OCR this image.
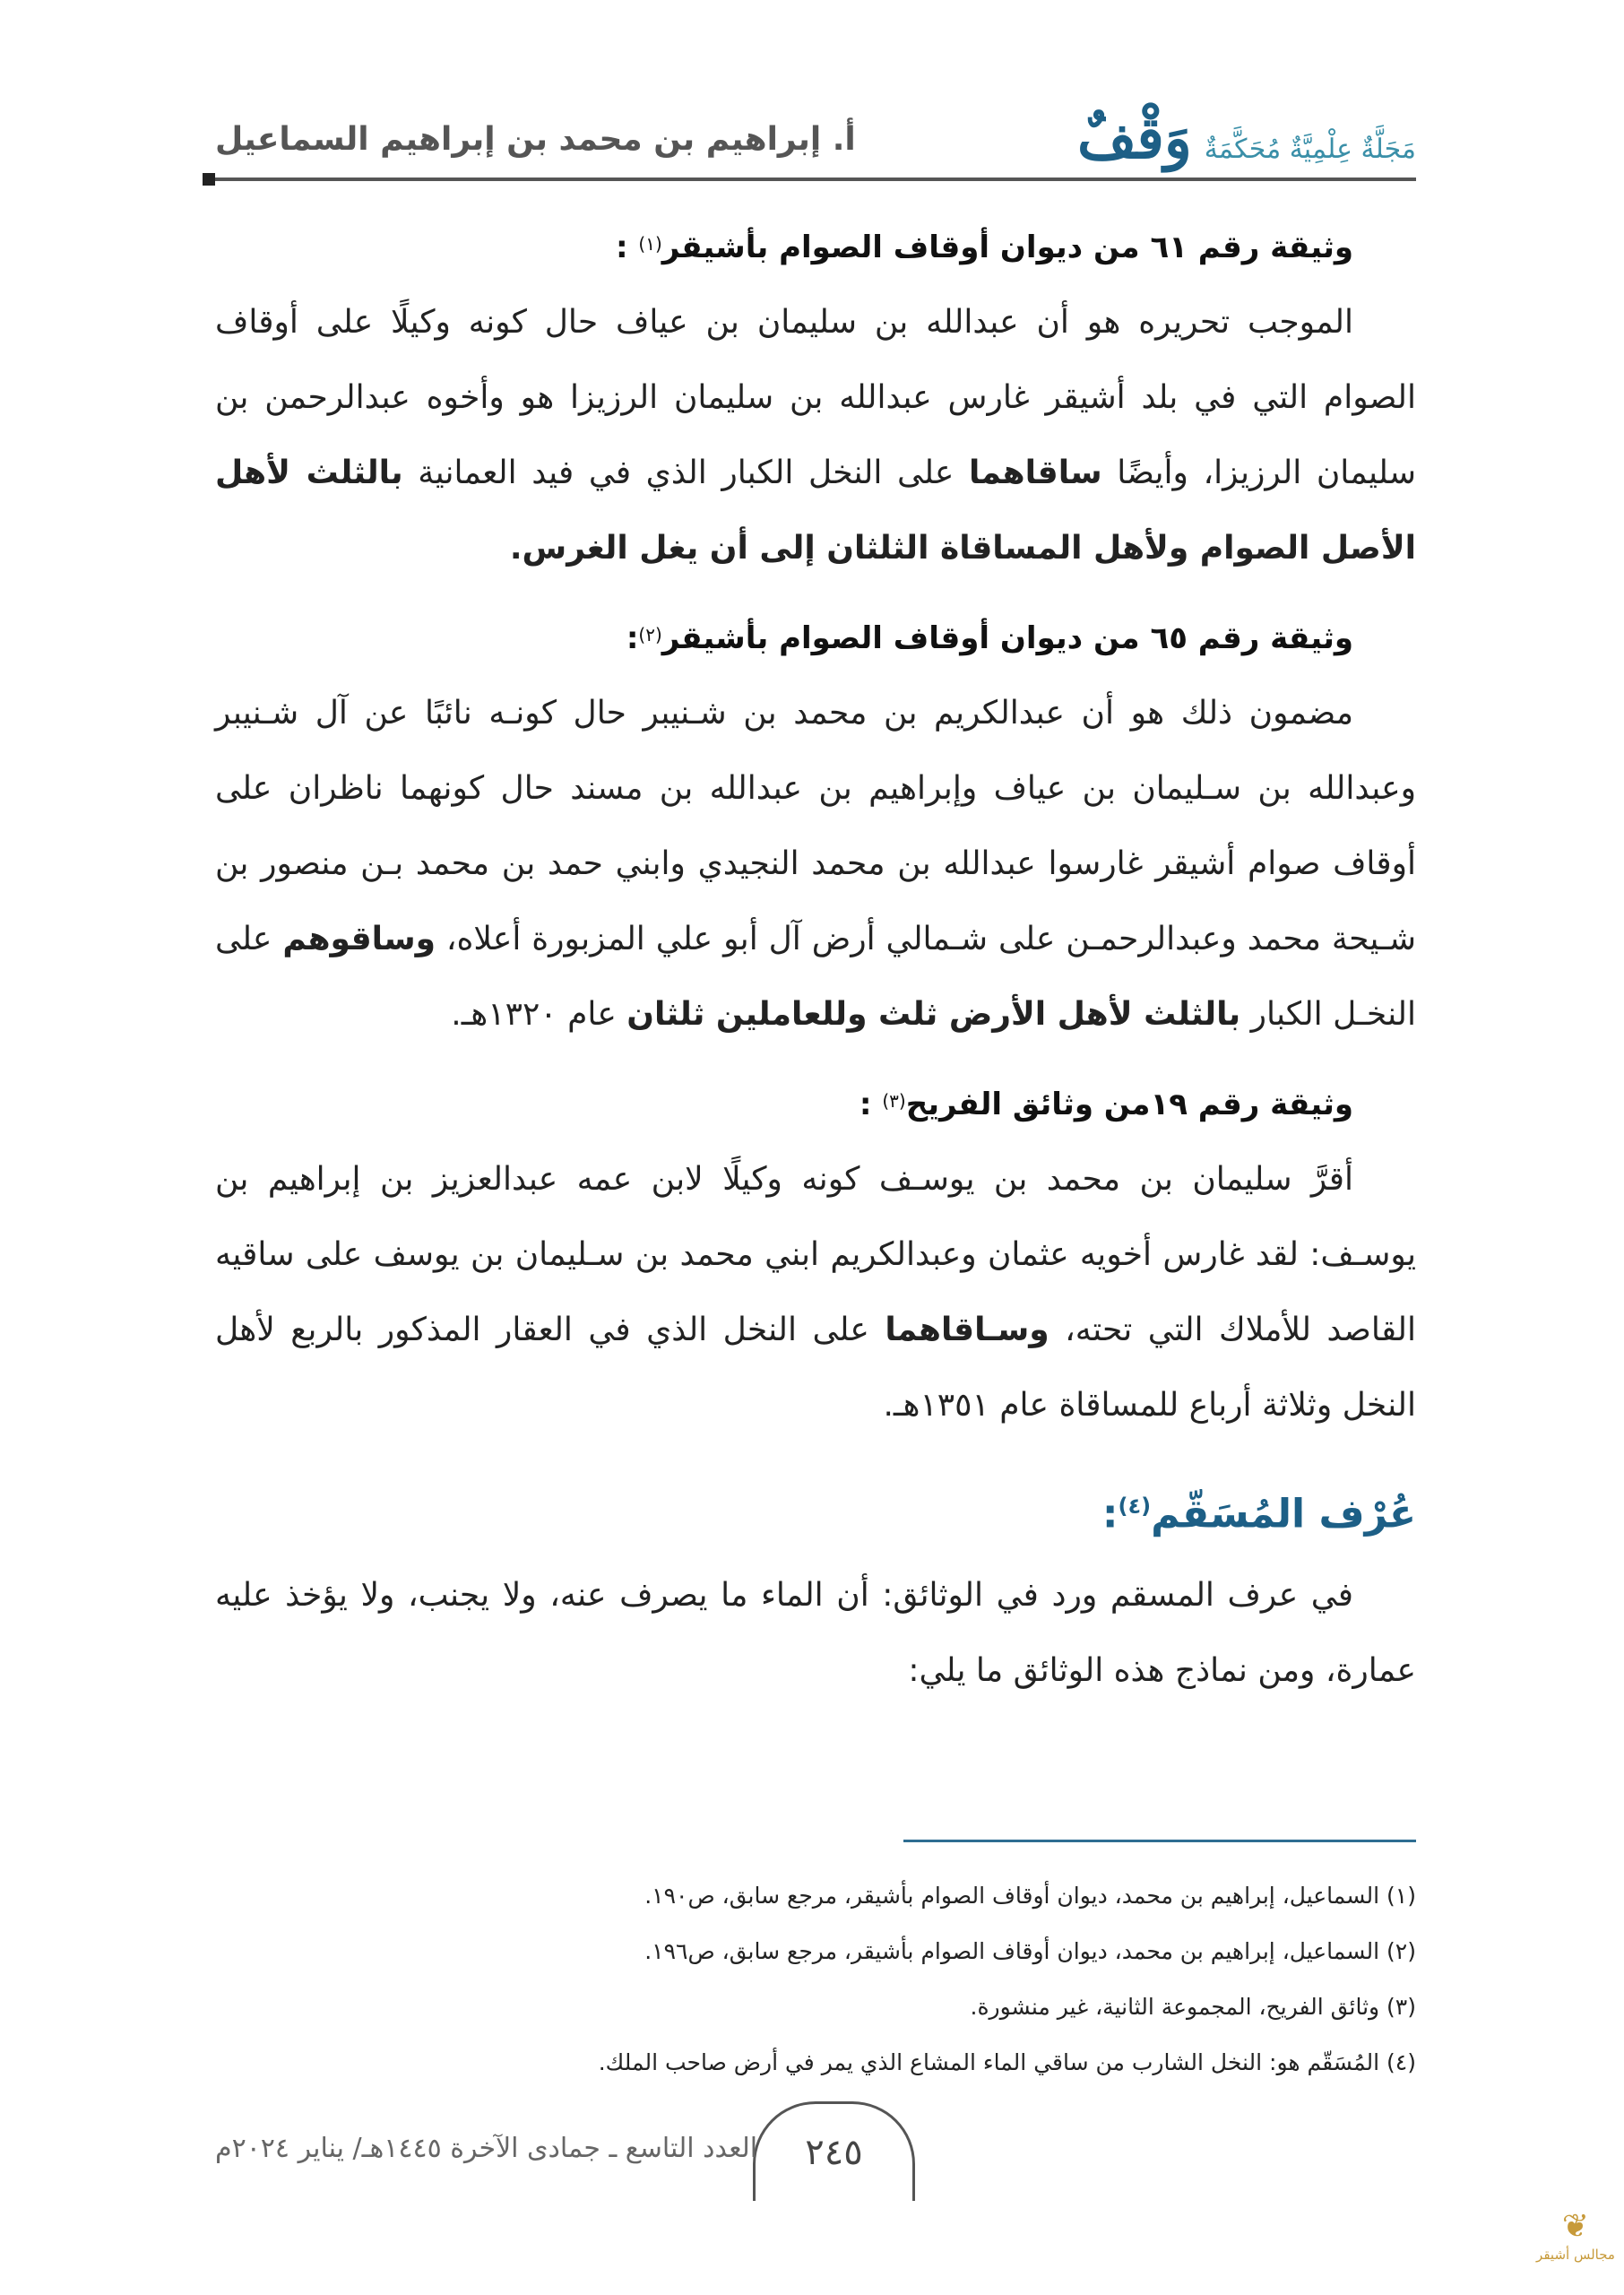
مَجَلَّةٌ عِلْمِيَّةٌ مُحَكَّمَةٌ
وَقْفٌ
أ. إبراهيم بن محمد بن إبراهيم السماعيل
وثيقة رقم ٦١ من ديوان أوقاف الصوام بأشيقر$^{(١)}$ :

الموجب تحريره هو أن عبدالله بن سليمان بن عياف حال كونه وكيلًا على أوقاف الصوام التي في بلد أشيقر غارس عبدالله بن سليمان الرزيزا هو وأخوه عبدالرحمن بن سليمان الرزيزا، وأيضًا ساقاهما على النخل الكبار الذي في فيد العمانية بالثلث لأهل الأصل الصوام ولأهل المساقاة الثلثان إلى أن يغل الغرس.

وثيقة رقم ٦٥ من ديوان أوقاف الصوام بأشيقر$^{(٢)}$:

مضمون ذلك هو أن عبدالكريم بن محمد بن شـنيبر حال كونـه نائبًا عن آل شـنيبر وعبدالله بن سـليمان بن عياف وإبراهيم بن عبدالله بن مسند حال كونهما ناظران على أوقاف صوام أشيقر غارسوا عبدالله بن محمد النجيدي وابني حمد بن محمد بـن منصور بن شـيحة محمد وعبدالرحمـن على شـمالي أرض آل أبو علي المزبورة أعلاه، وساقوهم على النخـل الكبار بالثلث لأهل الأرض ثلث وللعاملين ثلثان عام ١٣٢٠هـ.

وثيقة رقم ١٩من وثائق الفريح$^{(٣)}$ :

أقرَّ سليمان بن محمد بن يوسـف كونه وكيلًا لابن عمه عبدالعزيز بن إبراهيم بن يوسـف: لقد غارس أخويه عثمان وعبدالكريم ابني محمد بن سـليمان بن يوسف على ساقيه القاصد للأملاك التي تحته، وسـاقاهما على النخل الذي في العقار المذكور بالربع لأهل النخل وثلاثة أرباع للمساقاة عام ١٣٥١هـ.

عُرْف المُسَقّم$^{(٤)}$:

في عرف المسقم ورد في الوثائق: أن الماء ما يصرف عنه، ولا يجنب، ولا يؤخذ عليه عمارة، ومن نماذج هذه الوثائق ما يلي:

(١) السماعيل، إبراهيم بن محمد، ديوان أوقاف الصوام بأشيقر، مرجع سابق، ص١٩٠.
(٢) السماعيل، إبراهيم بن محمد، ديوان أوقاف الصوام بأشيقر، مرجع سابق، ص١٩٦.
(٣) وثائق الفريح، المجموعة الثانية، غير منشورة.
(٤) المُسَقّم هو: النخل الشارب من ساقي الماء المشاع الذي يمر في أرض صاحب الملك.
٢٤٥
العدد التاسع ـ جمادى الآخرة ١٤٤٥هـ/ يناير ٢٠٢٤م
❦
مجالس أشيقر
